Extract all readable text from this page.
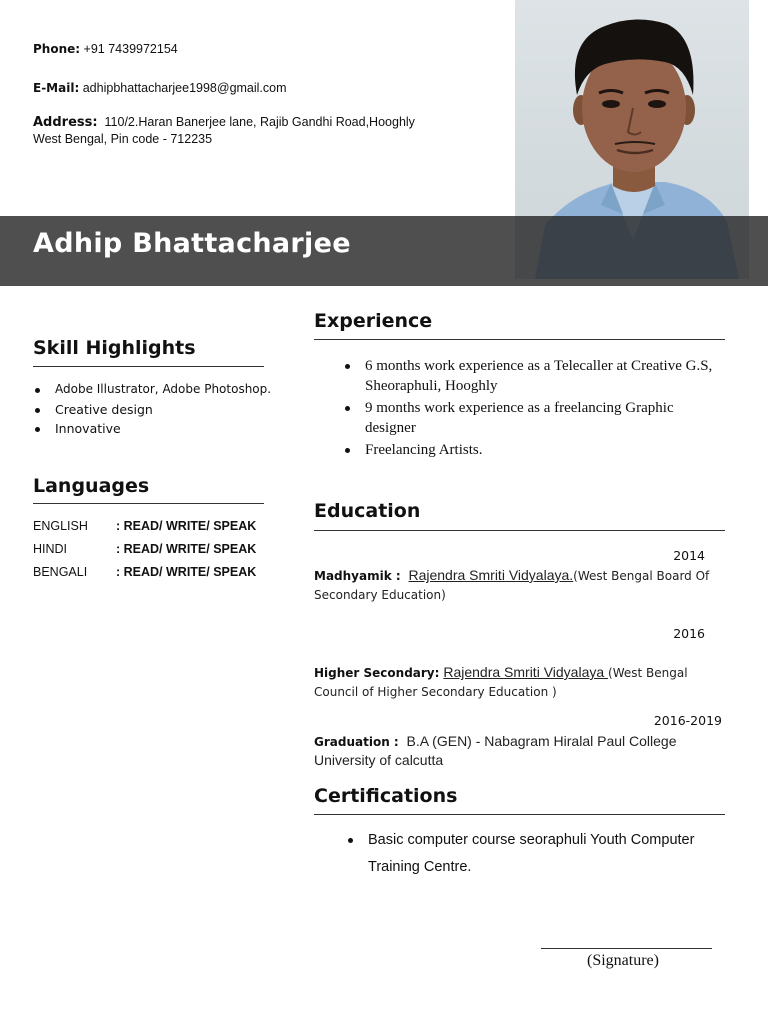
Phone: +91 7439972154
E-Mail: adhipbhattacharjee1998@gmail.com
Address: 110/2.Haran Banerjee lane, Rajib Gandhi Road,Hooghly
West Bengal, Pin code - 712235
Adhip Bhattacharjee
Skill Highlights
Adobe Illustrator, Adobe Photoshop.
Creative design
Innovative
Languages
ENGLISH : READ/ WRITE/ SPEAK
HINDI	: READ/ WRITE/ SPEAK
BENGALI : READ/ WRITE/ SPEAK
Experience
6 months work experience as a Telecaller at Creative G.S, Sheoraphuli, Hooghly
9 months work experience as a freelancing Graphic designer
Freelancing Artists.
Education
2014
Madhyamik : Rajendra Smriti Vidyalaya.(West Bengal Board Of Secondary Education)
2016
Higher Secondary: Rajendra Smriti Vidyalaya (West Bengal Council of Higher Secondary Education )
2016-2019
Graduation : B.A (GEN) - Nabagram Hiralal Paul College
University of calcutta
Certifications
Basic computer course seoraphuli Youth Computer Training Centre.
(Signature)
